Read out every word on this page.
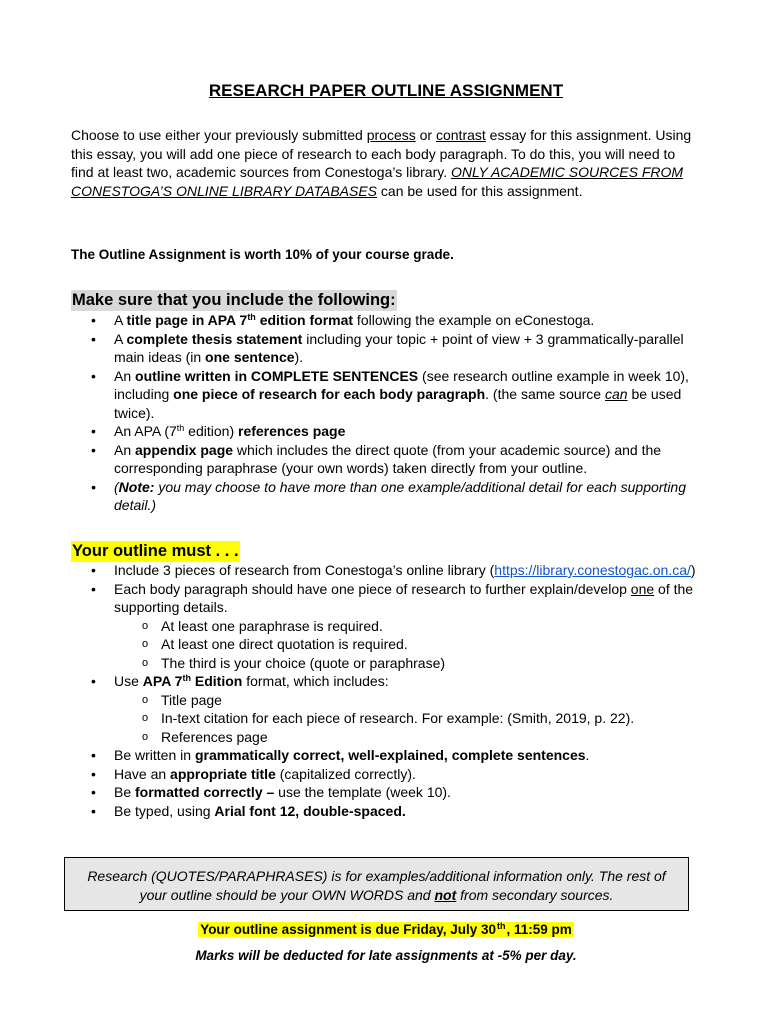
RESEARCH PAPER OUTLINE ASSIGNMENT
Choose to use either your previously submitted process or contrast essay for this assignment. Using this essay, you will add one piece of research to each body paragraph. To do this, you will need to find at least two, academic sources from Conestoga’s library. ONLY ACADEMIC SOURCES FROM CONESTOGA’S ONLINE LIBRARY DATABASES can be used for this assignment.
The Outline Assignment is worth 10% of your course grade.
Make sure that you include the following:
• A title page in APA 7th edition format following the example on eConestoga.
• A complete thesis statement including your topic + point of view + 3 grammatically-parallel main ideas (in one sentence).
• An outline written in COMPLETE SENTENCES (see research outline example in week 10), including one piece of research for each body paragraph. (the same source can be used twice).
• An APA (7th edition) references page
• An appendix page which includes the direct quote (from your academic source) and the corresponding paraphrase (your own words) taken directly from your outline.
• (Note: you may choose to have more than one example/additional detail for each supporting detail.)
Your outline must . . .
• Include 3 pieces of research from Conestoga’s online library (https://library.conestogac.on.ca/)
• Each body paragraph should have one piece of research to further explain/develop one of the supporting details.
o At least one paraphrase is required.
o At least one direct quotation is required.
o The third is your choice (quote or paraphrase)
• Use APA 7th Edition format, which includes:
o Title page
o In-text citation for each piece of research. For example: (Smith, 2019, p. 22).
o References page
• Be written in grammatically correct, well-explained, complete sentences.
• Have an appropriate title (capitalized correctly).
• Be formatted correctly – use the template (week 10).
• Be typed, using Arial font 12, double-spaced.
Research (QUOTES/PARAPHRASES) is for examples/additional information only. The rest of your outline should be your OWN WORDS and not from secondary sources.
Your outline assignment is due Friday, July 30th, 11:59 pm
Marks will be deducted for late assignments at -5% per day.
